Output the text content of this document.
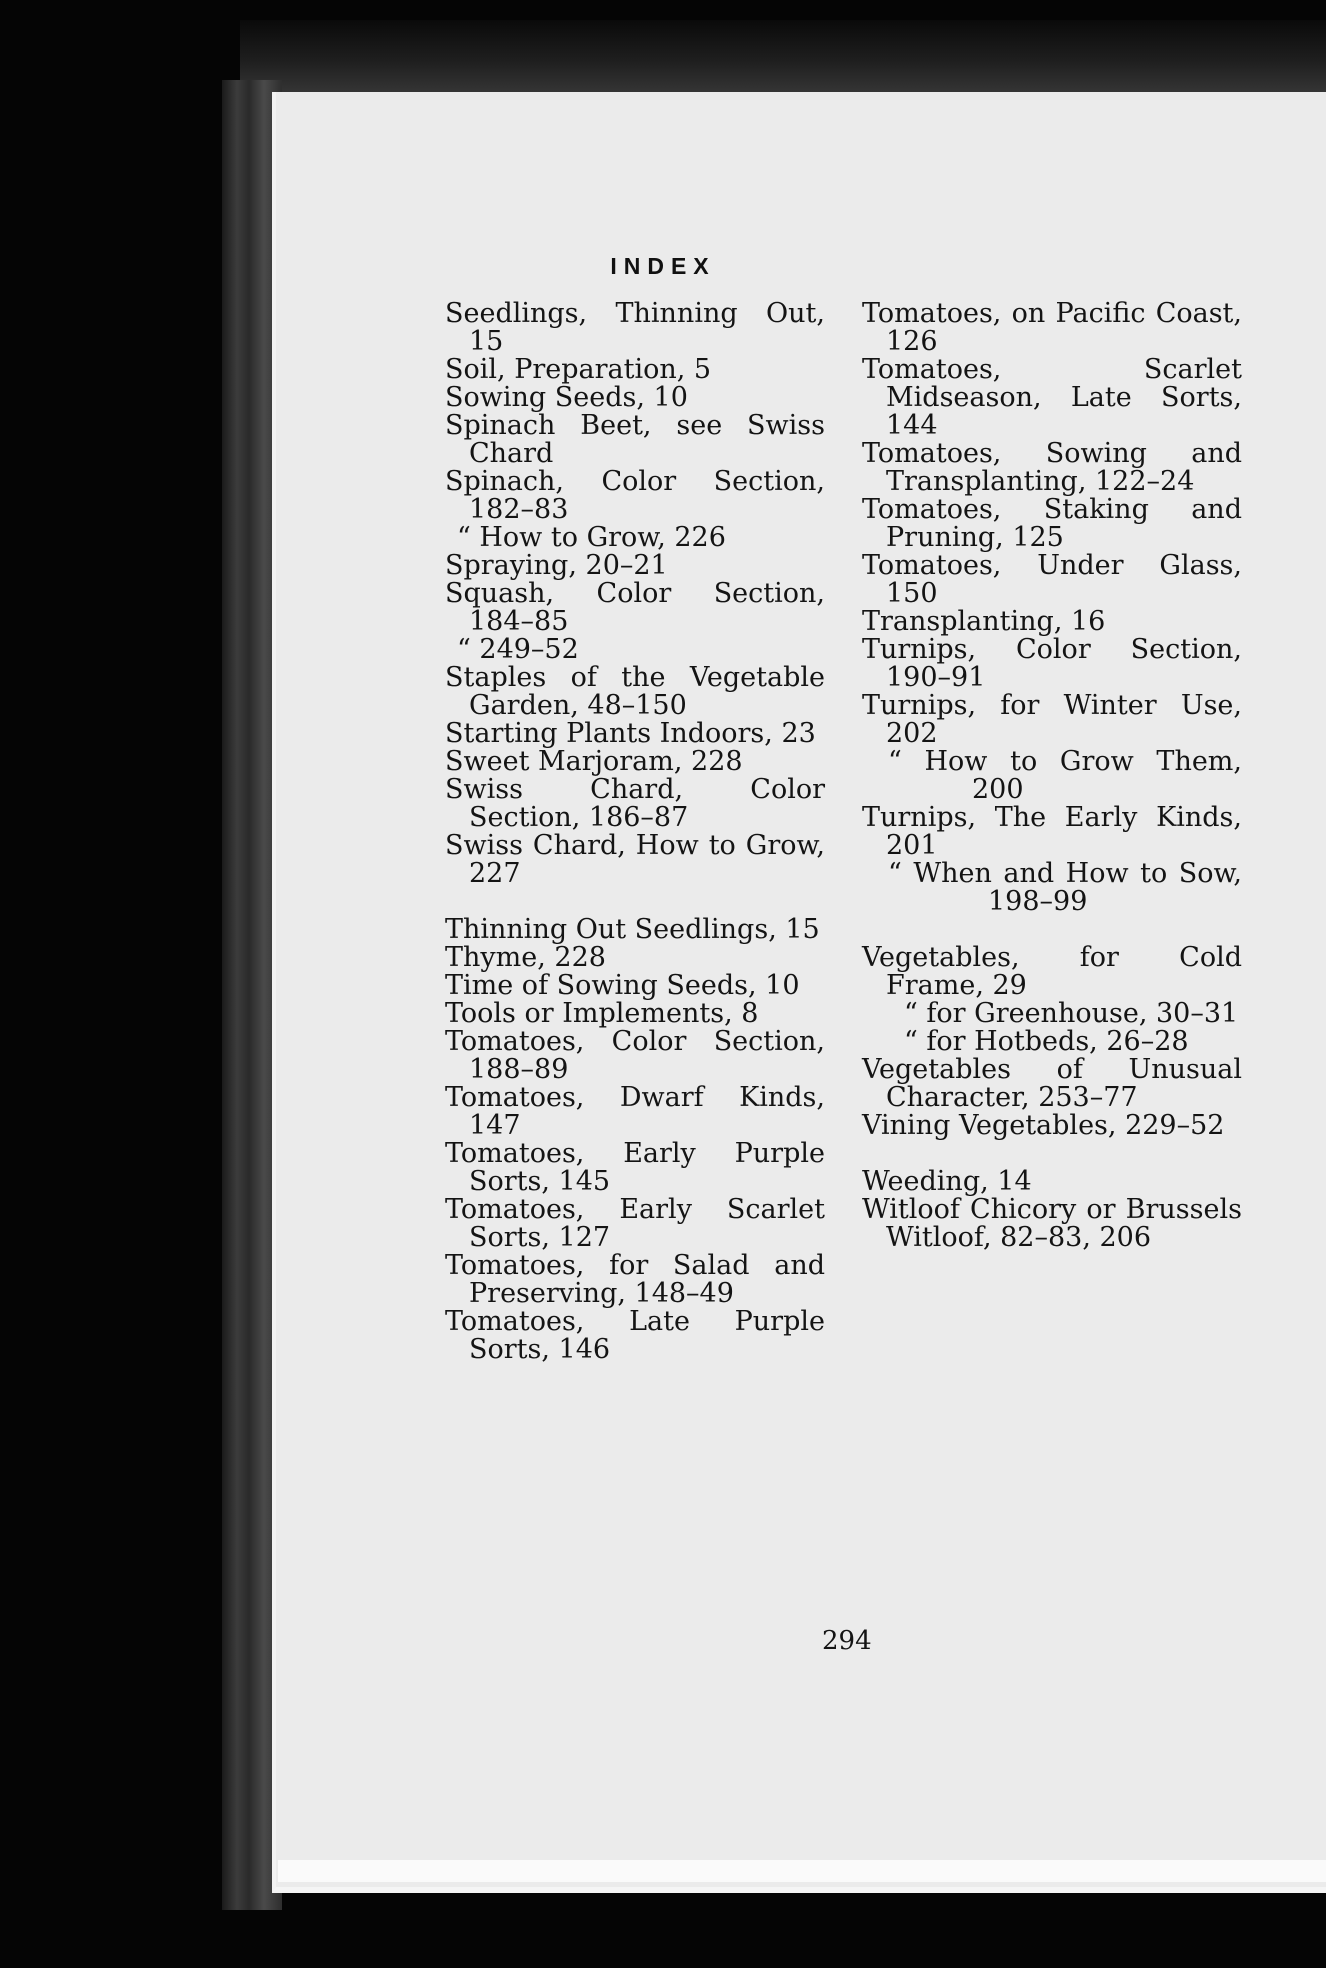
INDEX

Seedlings, Thinning Out, 15

Soil, Preparation, 5

Sowing Seeds, 10

Spinach Beet, see Swiss Chard

Spinach, Color Section, 182–83

“ How to Grow, 226

Spraying, 20–21

Squash, Color Section, 184–85

“ 249–52

Staples of the Vegetable Garden, 48–150

Starting Plants Indoors, 23

Sweet Marjoram, 228

Swiss Chard, Color Section, 186–87

Swiss Chard, How to Grow, 227

Thinning Out Seedlings, 15

Thyme, 228

Time of Sowing Seeds, 10

Tools or Implements, 8

Tomatoes, Color Section, 188–89

Tomatoes, Dwarf Kinds, 147

Tomatoes, Early Purple Sorts, 145

Tomatoes, Early Scarlet Sorts, 127

Tomatoes, for Salad and Preserving, 148–49

Tomatoes, Late Purple Sorts, 146

Tomatoes, on Pacific Coast, 126

Tomatoes, Scarlet Midseason, Late Sorts, 144

Tomatoes, Sowing and Transplanting, 122–24

Tomatoes, Staking and Pruning, 125

Tomatoes, Under Glass, 150

Transplanting, 16

Turnips, Color Section, 190–91

Turnips, for Winter Use, 202

“ How to Grow Them, 200

Turnips, The Early Kinds, 201

“ When and How to Sow, 198–99

Vegetables, for Cold Frame, 29

“ for Greenhouse, 30–31

“ for Hotbeds, 26–28

Vegetables of Unusual Character, 253–77

Vining Vegetables, 229–52

Weeding, 14

Witloof Chicory or Brussels Witloof, 82–83, 206

294
